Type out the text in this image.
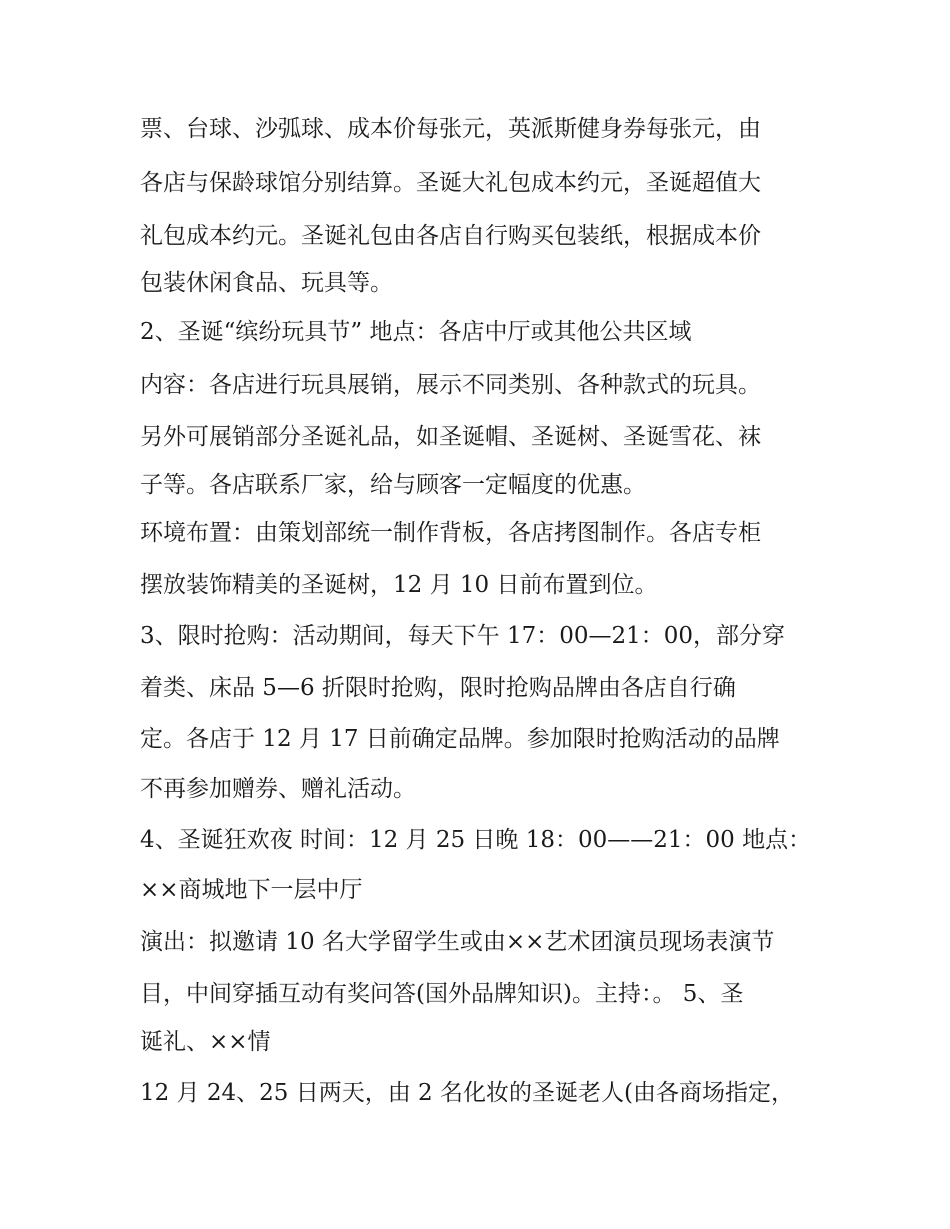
票、台球、沙弧球、成本价每张元，英派斯健身券每张元，由
各店与保龄球馆分别结算。圣诞大礼包成本约元，圣诞超值大
礼包成本约元。圣诞礼包由各店自行购买包装纸，根据成本价
包装休闲食品、玩具等。
2、圣诞“缤纷玩具节” 地点：各店中厅或其他公共区域
内容：各店进行玩具展销，展示不同类别、各种款式的玩具。
另外可展销部分圣诞礼品，如圣诞帽、圣诞树、圣诞雪花、袜
子等。各店联系厂家，给与顾客一定幅度的优惠。
环境布置：由策划部统一制作背板，各店拷图制作。各店专柜
摆放装饰精美的圣诞树，12 月 10 日前布置到位。
3、限时抢购：活动期间，每天下午 17：00—21：00，部分穿
着类、床品 5—6 折限时抢购，限时抢购品牌由各店自行确
定。各店于 12 月 17 日前确定品牌。参加限时抢购活动的品牌
不再参加赠券、赠礼活动。
4、圣诞狂欢夜 时间：12 月 25 日晚 18：00——21：00 地点：
××商城地下一层中厅
演出：拟邀请 10 名大学留学生或由××艺术团演员现场表演节
目，中间穿插互动有奖问答(国外品牌知识)。主持：。 5、圣
诞礼、××情
12 月 24、25 日两天，由 2 名化妆的圣诞老人(由各商场指定，
